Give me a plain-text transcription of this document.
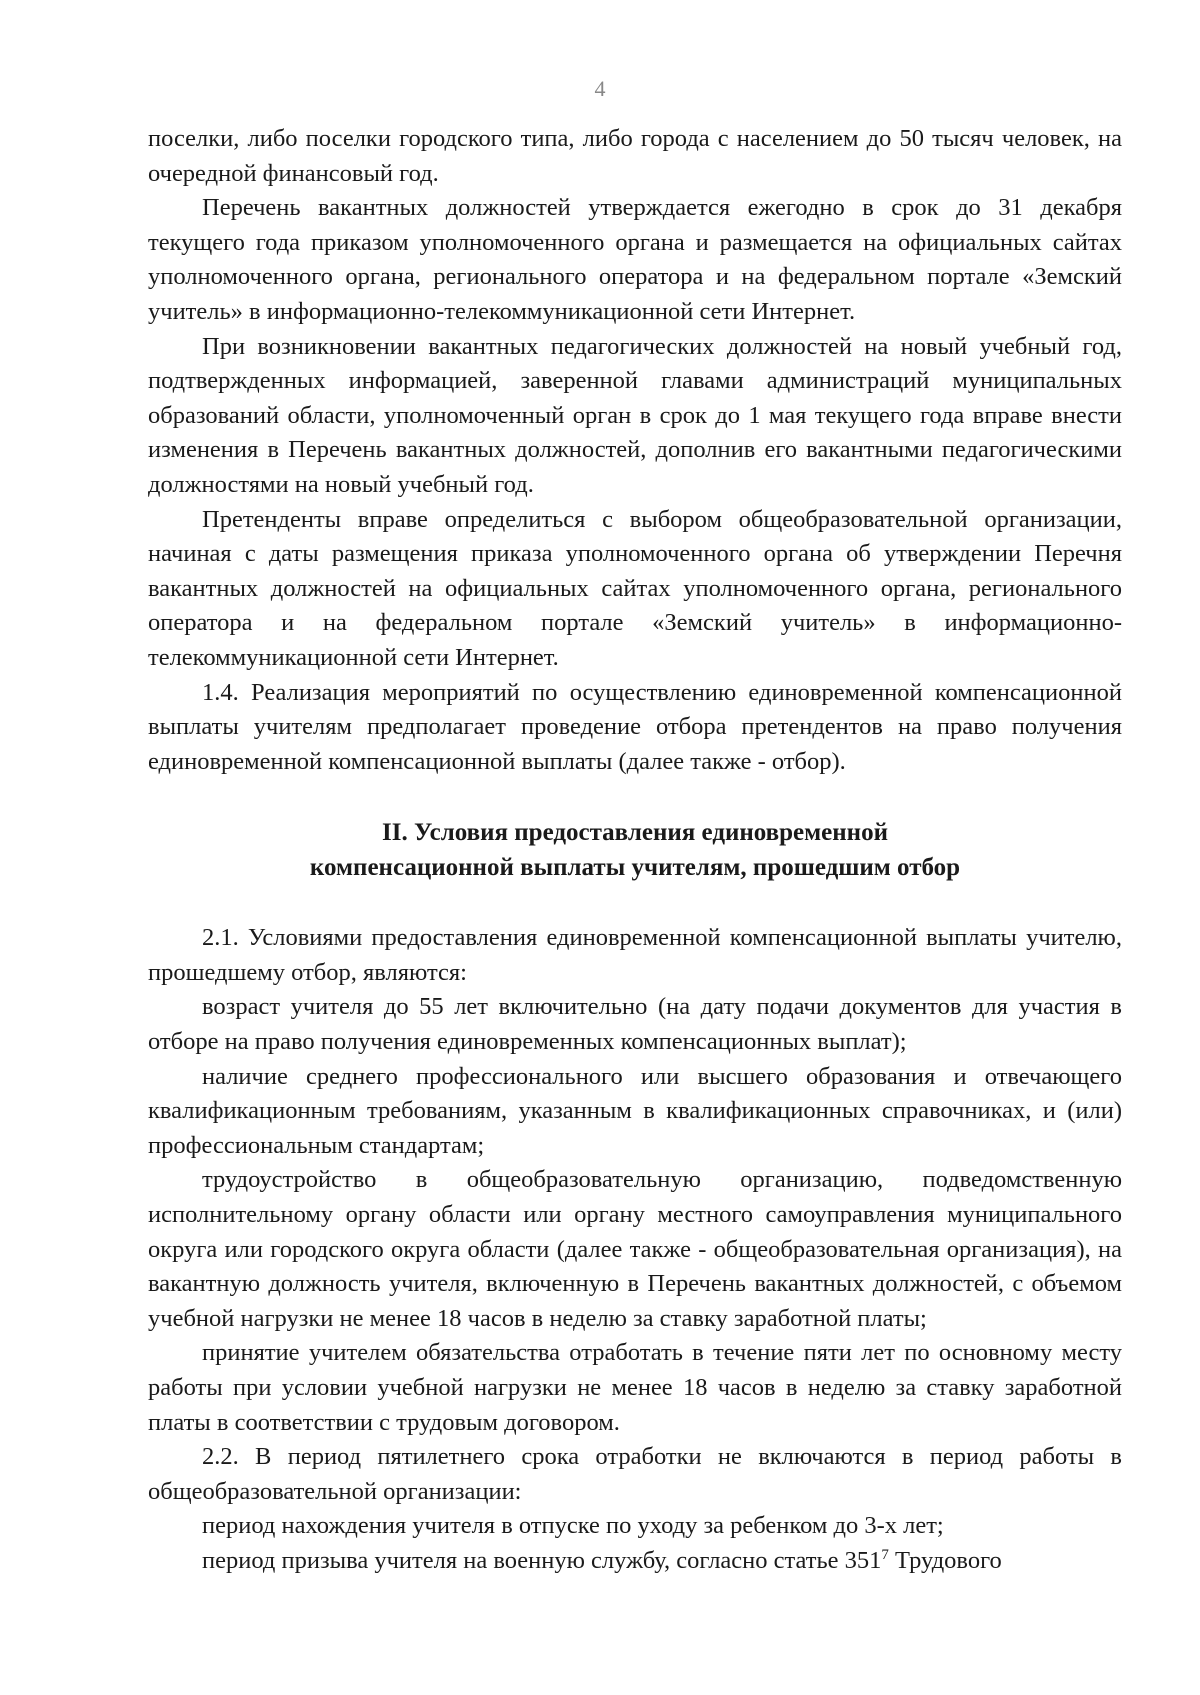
4

поселки, либо поселки городского типа, либо города с населением до 50 тысяч человек, на очередной финансовый год.

Перечень вакантных должностей утверждается ежегодно в срок до 31 декабря текущего года приказом уполномоченного органа и размещается на официальных сайтах уполномоченного органа, регионального оператора и на федеральном портале «Земский учитель» в информационно-телекоммуникационной сети Интернет.

При возникновении вакантных педагогических должностей на новый учебный год, подтвержденных информацией, заверенной главами администраций муниципальных образований области, уполномоченный орган в срок до 1 мая текущего года вправе внести изменения в Перечень вакантных должностей, дополнив его вакантными педагогическими должностями на новый учебный год.

Претенденты вправе определиться с выбором общеобразовательной организации, начиная с даты размещения приказа уполномоченного органа об утверждении Перечня вакантных должностей на официальных сайтах уполномоченного органа, регионального оператора и на федеральном портале «Земский учитель» в информационно-телекоммуникационной сети Интернет.

1.4. Реализация мероприятий по осуществлению единовременной компенсационной выплаты учителям предполагает проведение отбора претендентов на право получения единовременной компенсационной выплаты (далее также - отбор).

II. Условия предоставления единовременной
компенсационной выплаты учителям, прошедшим отбор

2.1. Условиями предоставления единовременной компенсационной выплаты учителю, прошедшему отбор, являются:

возраст учителя до 55 лет включительно (на дату подачи документов для участия в отборе на право получения единовременных компенсационных выплат);

наличие среднего профессионального или высшего образования и отвечающего квалификационным требованиям, указанным в квалификационных справочниках, и (или) профессиональным стандартам;

трудоустройство в общеобразовательную организацию, подведомственную исполнительному органу области или органу местного самоуправления муниципального округа или городского округа области (далее также - общеобразовательная организация), на вакантную должность учителя, включенную в Перечень вакантных должностей, с объемом учебной нагрузки не менее 18 часов в неделю за ставку заработной платы;

принятие учителем обязательства отработать в течение пяти лет по основному месту работы при условии учебной нагрузки не менее 18 часов в неделю за ставку заработной платы в соответствии с трудовым договором.

2.2. В период пятилетнего срока отработки не включаются в период работы в общеобразовательной организации:

период нахождения учителя в отпуске по уходу за ребенком до 3-х лет;

период призыва учителя на военную службу, согласно статье $351^7$ Трудового
